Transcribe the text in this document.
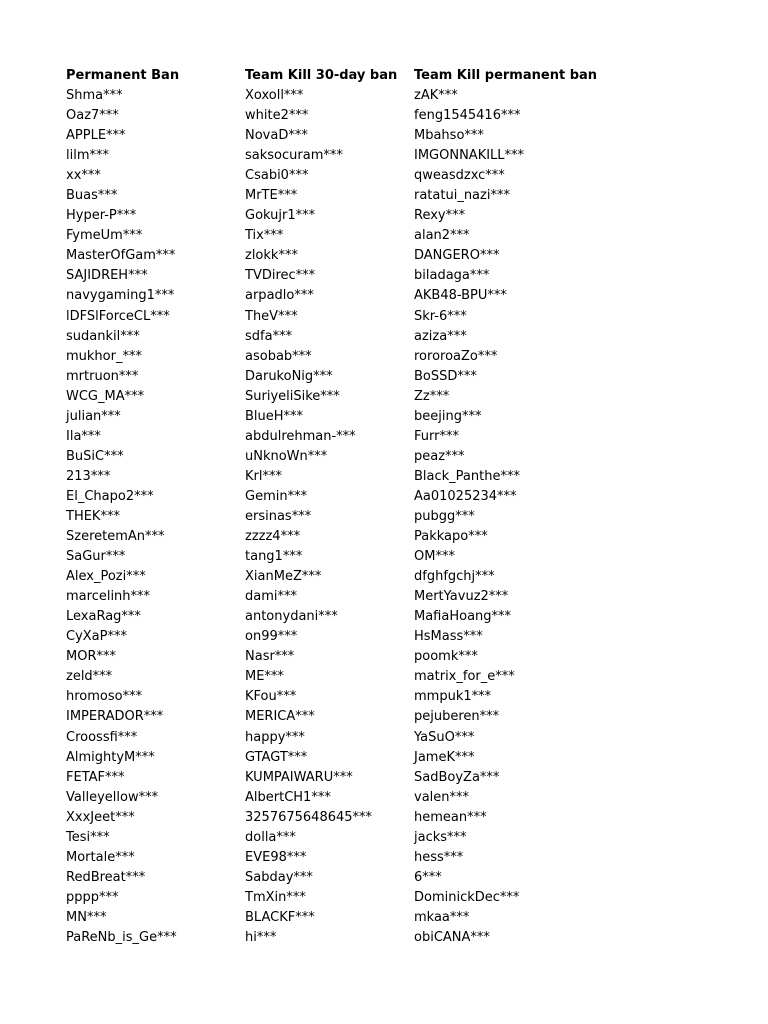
Permanent Ban
Shma***
Oaz7***
APPLE***
lilm***
xx***
Buas***
Hyper-P***
FymeUm***
MasterOfGam***
SAJIDREH***
navygaming1***
lDFSlForceCL***
sudankil***
mukhor_***
mrtruon***
WCG_MA***
julian***
Ila***
BuSiC***
213***
El_Chapo2***
THEK***
SzeretemAn***
SaGur***
Alex_Pozi***
marcelinh***
LexaRag***
CyXaP***
MOR***
zeld***
hromoso***
IMPERADOR***
Croossfi***
AlmightyM***
FETAF***
Valleyellow***
XxxJeet***
Tesi***
Mortale***
RedBreat***
pppp***
MN***
PaReNb_is_Ge***
Team Kill 30-day ban
Xoxoll***
white2***
NovaD***
saksocuram***
Csabi0***
MrTE***
Gokujr1***
Tix***
zlokk***
TVDirec***
arpadlo***
TheV***
sdfa***
asobab***
DarukoNig***
SuriyeliSike***
BlueH***
abdulrehman-***
uNknoWn***
Krl***
Gemin***
ersinas***
zzzz4***
tang1***
XianMeZ***
dami***
antonydani***
on99***
Nasr***
ME***
KFou***
MERICA***
happy***
GTAGT***
KUMPAIWARU***
AlbertCH1***
3257675648645***
dolla***
EVE98***
Sabday***
TmXin***
BLACKF***
hi***
Team Kill permanent ban
zAK***
feng1545416***
Mbahso***
IMGONNAKILL***
qweasdzxc***
ratatui_nazi***
Rexy***
alan2***
DANGERO***
biladaga***
AKB48-BPU***
Skr-6***
aziza***
rororoaZo***
BoSSD***
Zz***
beejing***
Furr***
peaz***
Black_Panthe***
Aa01025234***
pubgg***
Pakkapo***
OM***
dfghfgchj***
MertYavuz2***
MafiaHoang***
HsMass***
poomk***
matrix_for_e***
mmpuk1***
pejuberen***
YaSuO***
JameK***
SadBoyZa***
valen***
hemean***
jacks***
hess***
6***
DominickDec***
mkaa***
obiCANA***
